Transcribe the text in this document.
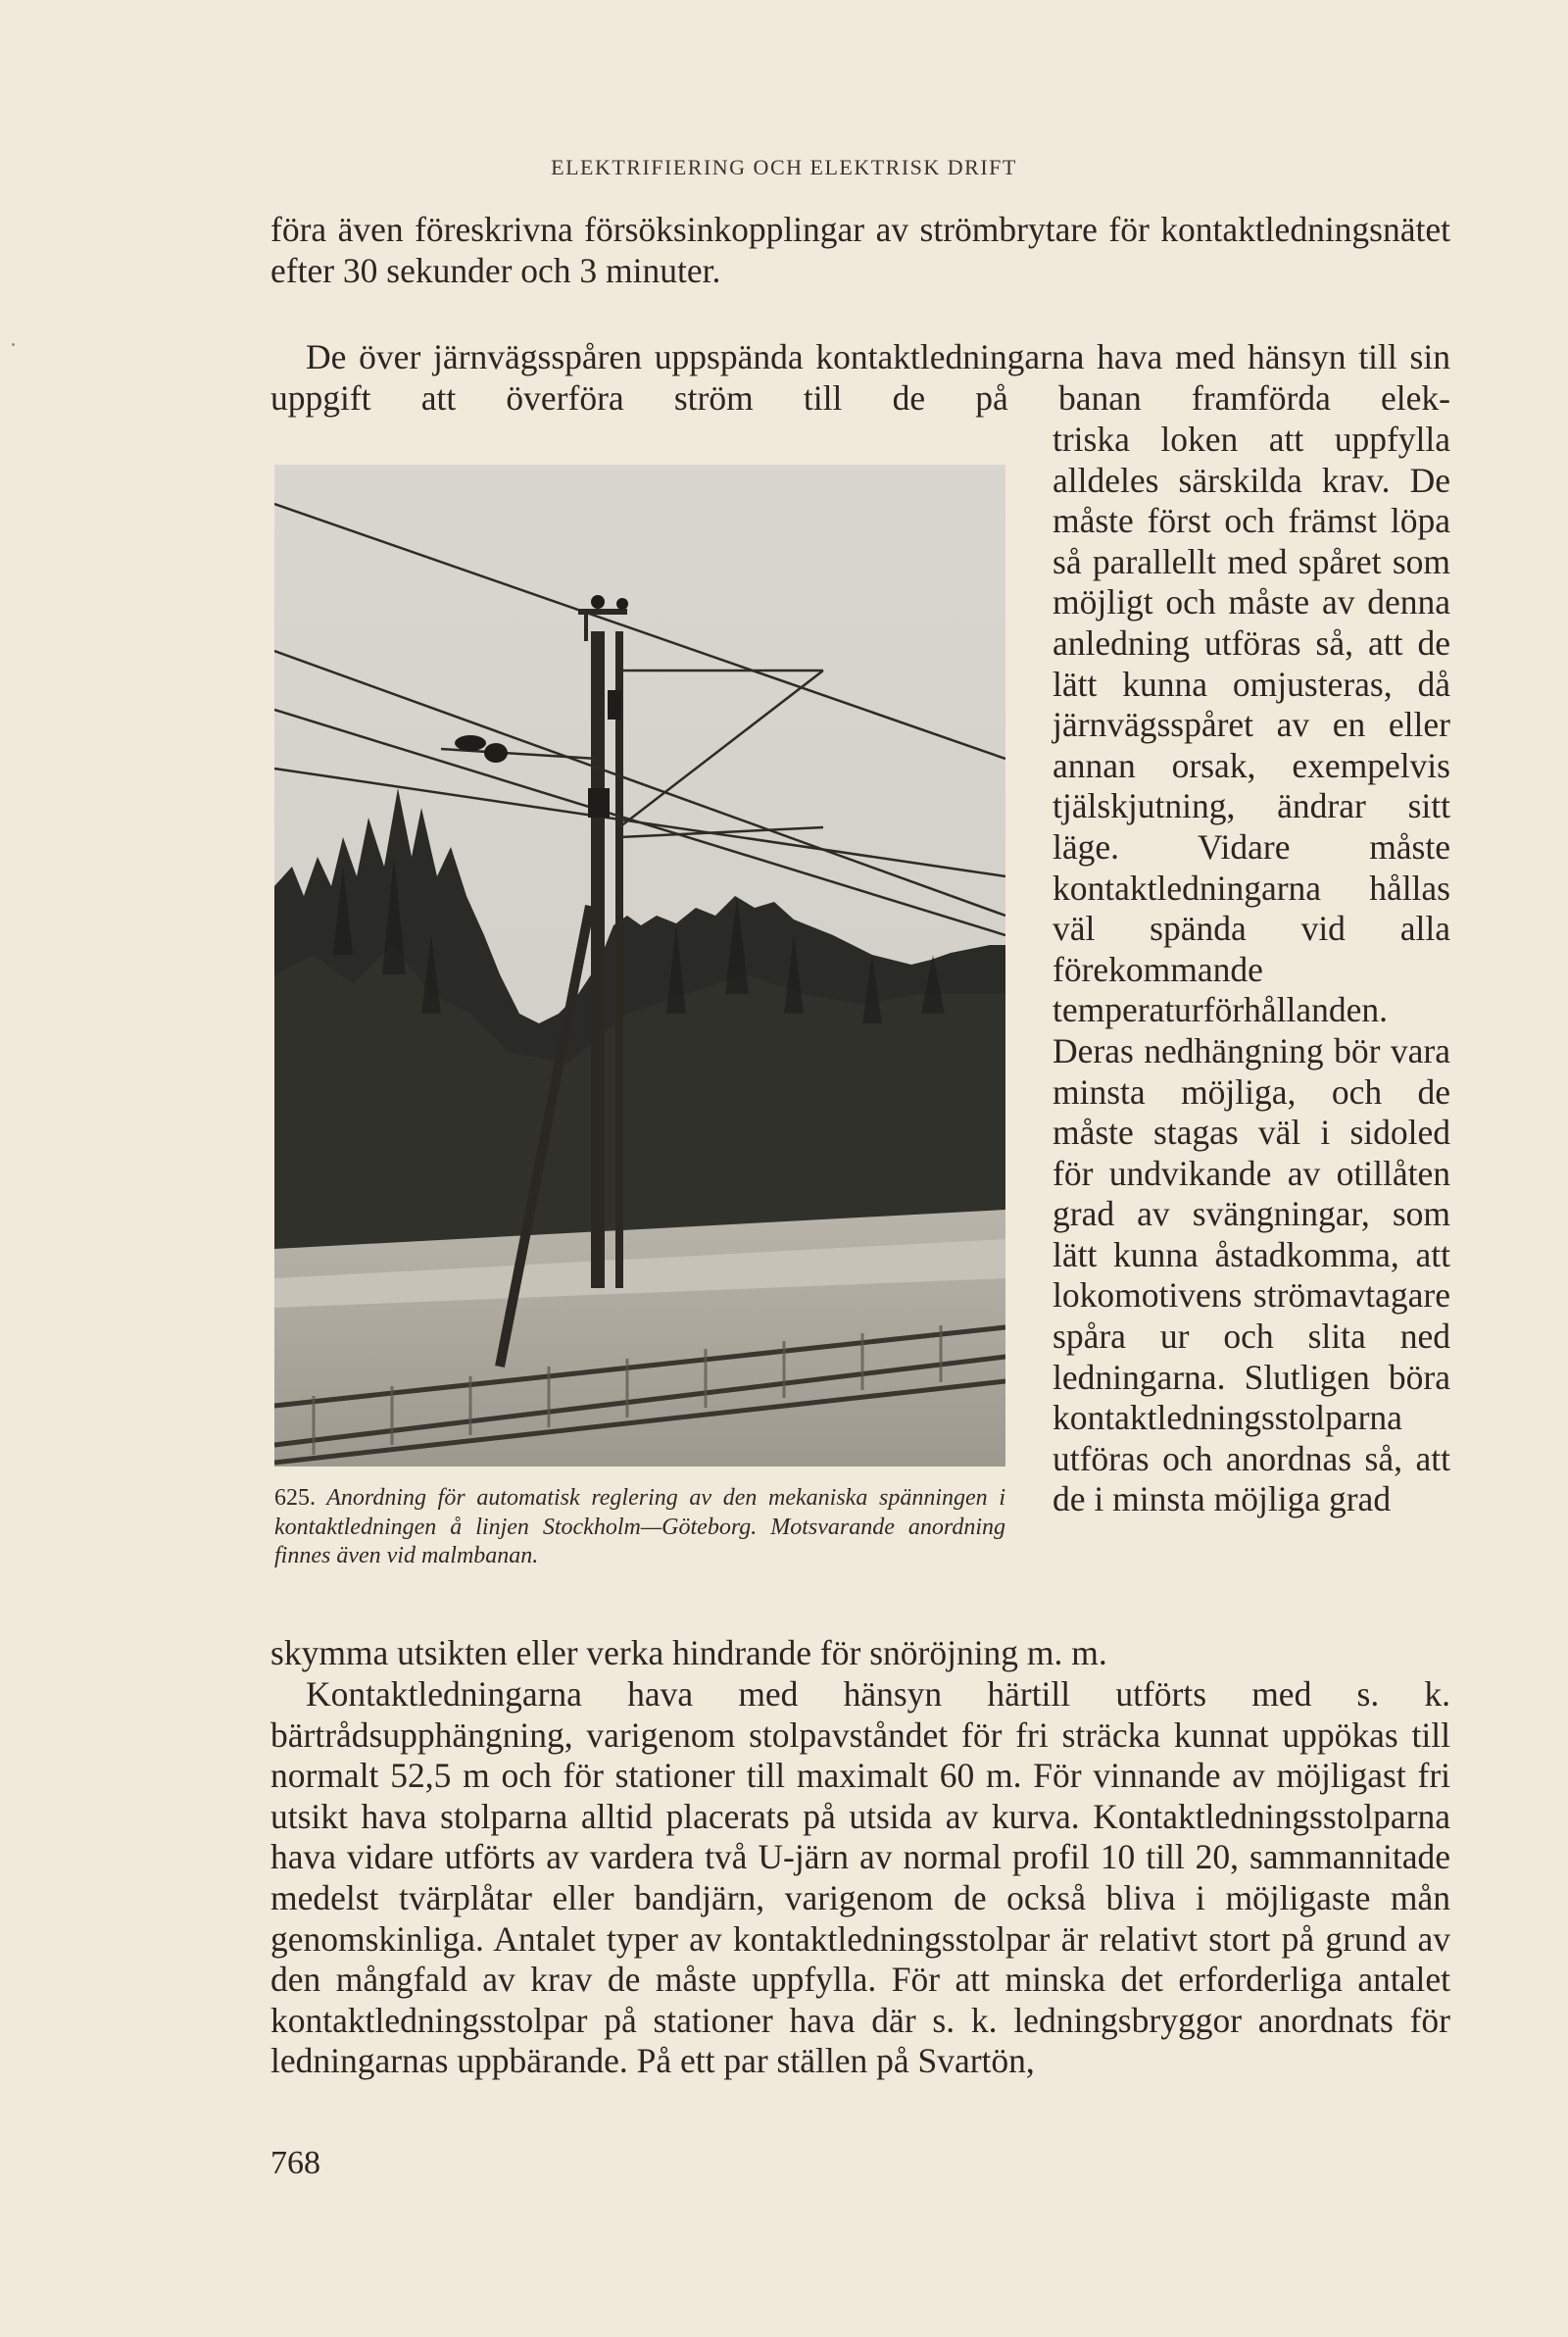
ELEKTRIFIERING OCH ELEKTRISK DRIFT

föra även föreskrivna försöksinkopplingar av strömbrytare för kontaktledningsnätet efter 30 sekunder och 3 minuter.

De över järnvägsspåren uppspända kontaktledningarna hava med hänsyn till sin uppgift att överföra ström till de på banan framförda elek-

triska loken att uppfylla alldeles särskilda krav. De måste först och främst löpa så parallellt med spåret som möjligt och måste av denna anledning utföras så, att de lätt kunna omjusteras, då järnvägsspåret av en eller annan orsak, exempelvis tjälskjutning, ändrar sitt läge. Vidare måste kontaktledningarna hållas väl spända vid alla förekommande temperaturförhållanden. Deras nedhängning bör vara minsta möjliga, och de måste stagas väl i sidoled för undvikande av otillåten grad av svängningar, som lätt kunna åstadkomma, att lokomotivens strömavtagare spåra ur och slita ned ledningarna. Slutligen böra kontaktledningsstolparna utföras och anordnas så, att de i minsta möjliga grad
625. Anordning för automatisk reglering av den mekaniska spänningen i kontaktledningen å linjen Stockholm—Göteborg. Motsvarande anordning finnes även vid malmbanan.

skymma utsikten eller verka hindrande för snöröjning m. m.

Kontaktledningarna hava med hänsyn härtill utförts med s. k. bärtrådsupphängning, varigenom stolpavståndet för fri sträcka kunnat uppökas till normalt 52,5 m och för stationer till maximalt 60 m. För vinnande av möjligast fri utsikt hava stolparna alltid placerats på utsida av kurva. Kontaktledningsstolparna hava vidare utförts av vardera två U-järn av normal profil 10 till 20, sammannitade medelst tvärplåtar eller bandjärn, varigenom de också bliva i möjligaste mån genomskinliga. Antalet typer av kontaktledningsstolpar är relativt stort på grund av den mångfald av krav de måste uppfylla. För att minska det erforderliga antalet kontaktledningsstolpar på stationer hava där s. k. ledningsbryggor anordnats för ledningarnas uppbärande. På ett par ställen på Svartön,

768
